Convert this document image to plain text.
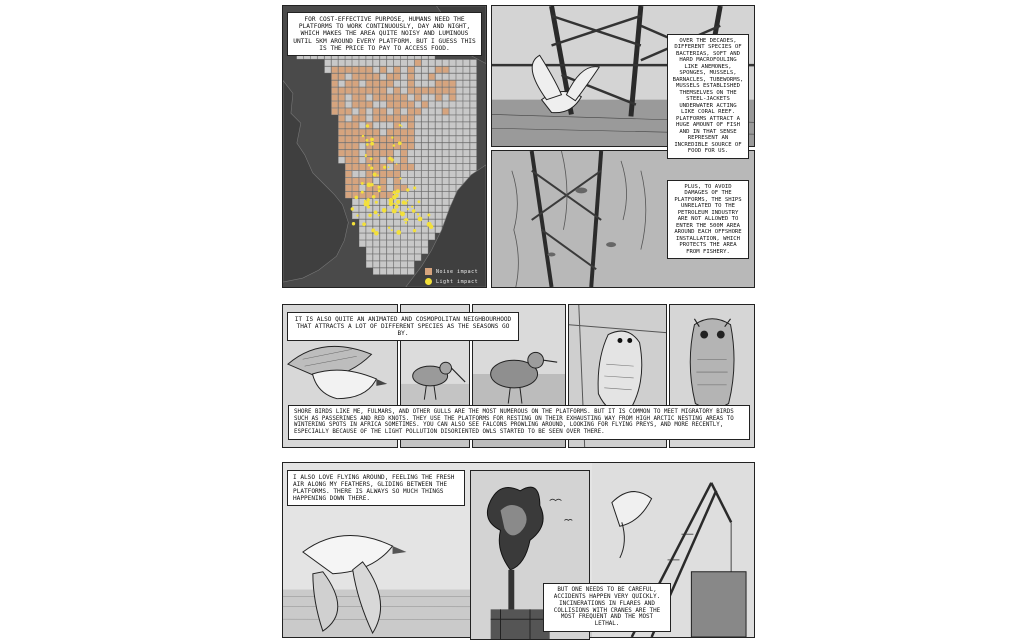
FOR COST-EFFECTIVE PURPOSE, HUMANS NEED THE PLATFORMS TO WORK CONTINUOUSLY, DAY AND NIGHT, WHICH MAKES THE AREA QUITE NOISY AND LUMINOUS UNTIL 5KM AROUND EVERY PLATFORM. BUT I GUESS THIS IS THE PRICE TO PAY TO ACCESS FOOD.
Noise impact
Light impact
OVER THE DECADES, DIFFERENT SPECIES OF BACTERIAS, SOFT AND HARD MACROFOULING LIKE ANEMONES, SPONGES, MUSSELS, BARNACLES, TUBEWORMS, MUSSELS ESTABLISHED THEMSELVES ON THE STEEL-JACKETS UNDERWATER ACTING LIKE CORAL REEF. PLATFORMS ATTRACT A HUGE AMOUNT OF FISH AND IN THAT SENSE REPRESENT AN INCREDIBLE SOURCE OF FOOD FOR US.
PLUS, TO AVOID DAMAGES OF THE PLATFORMS, THE SHIPS UNRELATED TO THE PETROLEUM INDUSTRY ARE NOT ALLOWED TO ENTER THE 500M AREA AROUND EACH OFFSHORE INSTALLATION, WHICH PROTECTS THE AREA FROM FISHERY.
IT IS ALSO QUITE AN ANIMATED AND COSMOPOLITAN NEIGHBOURHOOD THAT ATTRACTS A LOT OF DIFFERENT SPECIES AS THE SEASONS GO BY.
SHORE BIRDS LIKE ME, FULMARS, AND OTHER GULLS ARE THE MOST NUMEROUS ON THE PLATFORMS. BUT IT IS COMMON TO MEET MIGRATORY BIRDS SUCH AS PASSERINES AND RED KNOTS. THEY USE THE PLATFORMS FOR RESTING ON THEIR EXHAUSTING WAY FROM HIGH ARCTIC NESTING AREAS TO WINTERING SPOTS IN AFRICA SOMETIMES. YOU CAN ALSO SEE FALCONS PROWLING AROUND, LOOKING FOR FLYING PREYS, AND MORE RECENTLY, ESPECIALLY BECAUSE OF THE LIGHT POLLUTION DISORIENTED OWLS STARTED TO BE SEEN OVER THERE.
I ALSO LOVE FLYING AROUND, FEELING THE FRESH AIR ALONG MY FEATHERS, GLIDING BETWEEN THE PLATFORMS. THERE IS ALWAYS SO MUCH THINGS HAPPENING DOWN THERE.
BUT ONE NEEDS TO BE CAREFUL, ACCIDENTS HAPPEN VERY QUICKLY. INCINERATIONS IN FLARES AND COLLISIONS WITH CRANES ARE THE MOST FREQUENT AND THE MOST LETHAL.
